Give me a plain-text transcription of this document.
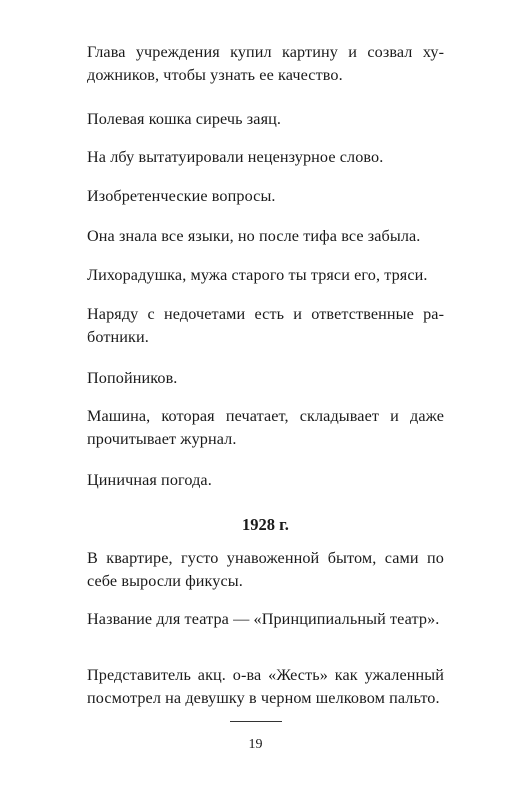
Глава учреждения купил картину и созвал художников, чтобы узнать ее качество.

Полевая кошка сиречь заяц.

На лбу вытатуировали нецензурное слово.

Изобретенческие вопросы.

Она знала все языки, но после тифа все забыла.

Лихорадушка, мужа старого ты тряси его, тряси.

Наряду с недочетами есть и ответственные работники.

Попойников.

Машина, которая печатает, складывает и даже прочитывает журнал.

Циничная погода.

1928 г.

В квартире, густо унавоженной бытом, сами по себе выросли фикусы.

Название для театра — «Принципиальный театр».

Представитель акц. о-ва «Жесть» как ужаленный посмотрел на девушку в черном шелковом пальто.

19
